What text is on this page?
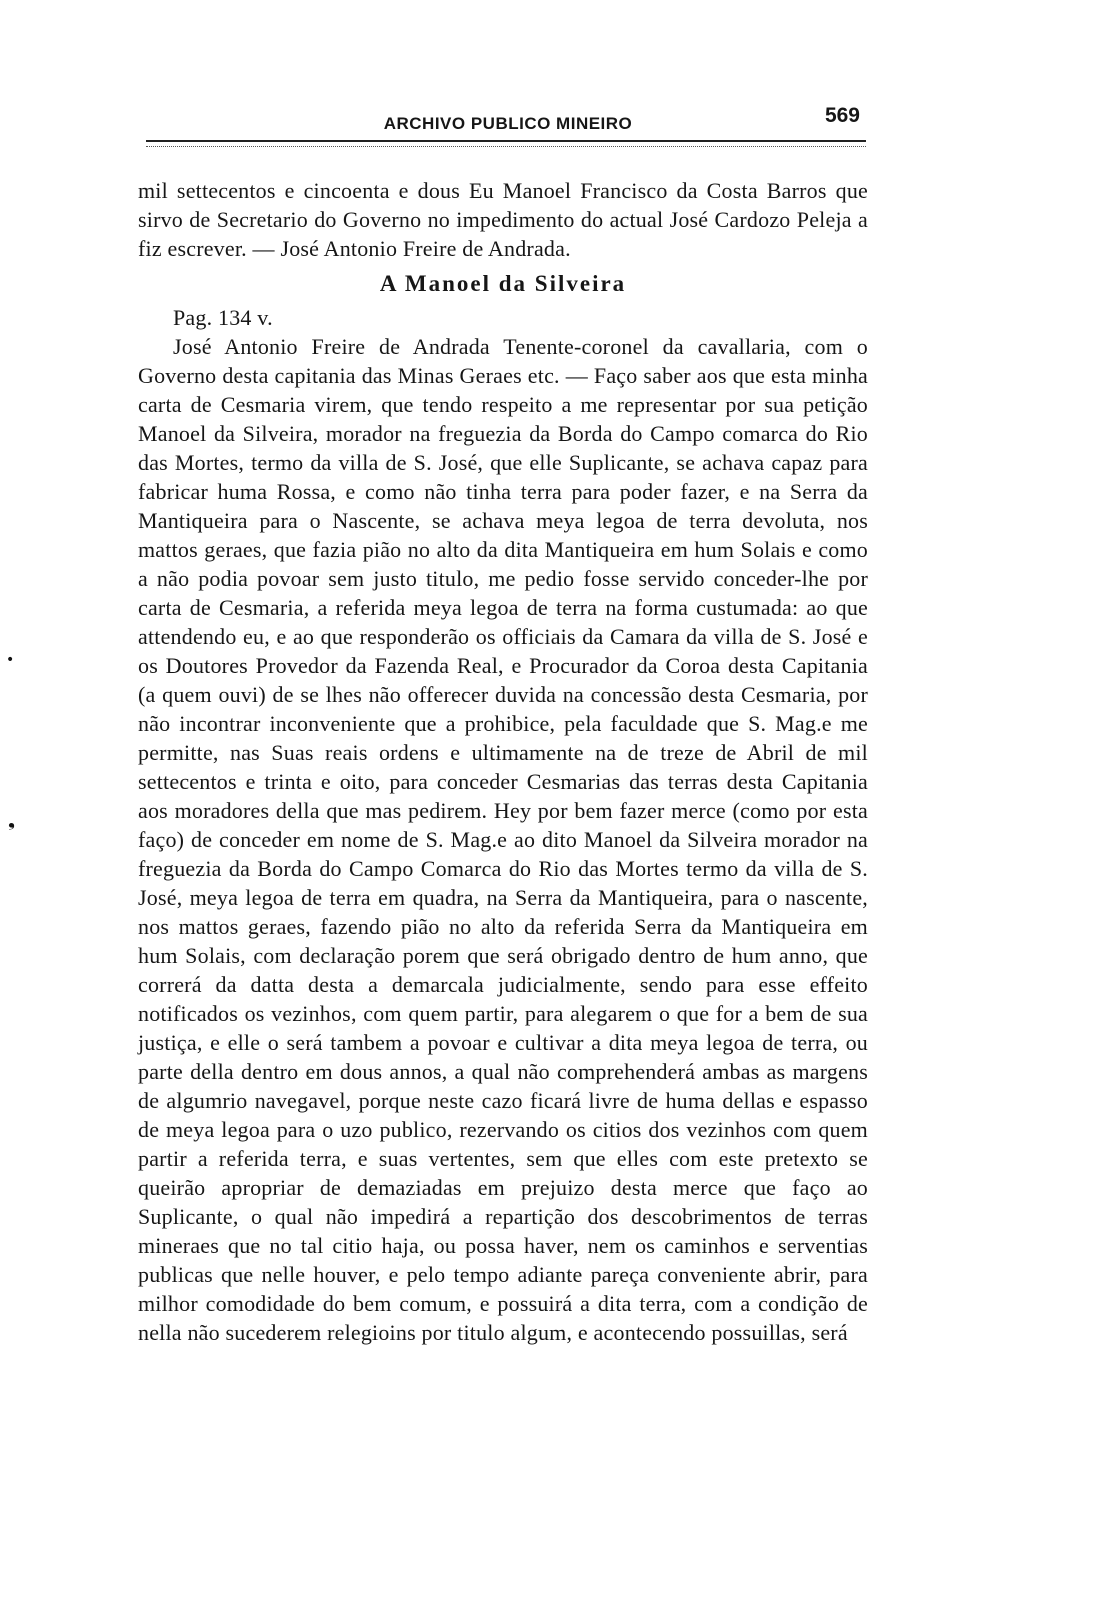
ARCHIVO PUBLICO MINEIRO	569

mil settecentos e cincoenta e dous Eu Manoel Francisco da Costa Barros que sirvo de Secretario do Governo no impedimento do actual José Cardozo Peleja a fiz escrever. — José Antonio Freire de Andrada.

A Manoel da Silveira

Pag. 134 v.

José Antonio Freire de Andrada Tenente-coronel da cavallaria, com o Governo desta capitania das Minas Geraes etc. — Faço saber aos que esta minha carta de Cesmaria virem, que tendo respeito a me representar por sua petição Manoel da Silveira, morador na freguezia da Borda do Campo comarca do Rio das Mortes, termo da villa de S. José, que elle Suplicante, se achava capaz para fabricar huma Rossa, e como não tinha terra para poder fazer, e na Serra da Mantiqueira para o Nascente, se achava meya legoa de terra devoluta, nos mattos geraes, que fazia pião no alto da dita Mantiqueira em hum Solais e como a não podia povoar sem justo titulo, me pedio fosse servido conceder-lhe por carta de Cesmaria, a referida meya legoa de terra na forma custumada: ao que attendendo eu, e ao que responderão os officiais da Camara da villa de S. José e os Doutores Provedor da Fazenda Real, e Procurador da Coroa desta Capitania (a quem ouvi) de se lhes não offerecer duvida na concessão desta Cesmaria, por não incontrar inconveniente que a prohibice, pela faculdade que S. Mag.e me permitte, nas Suas reais ordens e ultimamente na de treze de Abril de mil settecentos e trinta e oito, para conceder Cesmarias das terras desta Capitania aos moradores della que mas pedirem. Hey por bem fazer merce (como por esta faço) de conceder em nome de S. Mag.e ao dito Manoel da Silveira morador na freguezia da Borda do Campo Comarca do Rio das Mortes termo da villa de S. José, meya legoa de terra em quadra, na Serra da Mantiqueira, para o nascente, nos mattos geraes, fazendo pião no alto da referida Serra da Mantiqueira em hum Solais, com declaração porem que será obrigado dentro de hum anno, que correrá da datta desta a demarcala judicialmente, sendo para esse effeito notificados os vezinhos, com quem partir, para alegarem o que for a bem de sua justiça, e elle o será tambem a povoar e cultivar a dita meya legoa de terra, ou parte della dentro em dous annos, a qual não comprehenderá ambas as margens de algumrio navegavel, porque neste cazo ficará livre de huma dellas e espasso de meya legoa para o uzo publico, rezervando os citios dos vezinhos com quem partir a referida terra, e suas vertentes, sem que elles com este pretexto se queirão apropriar de demaziadas em prejuizo desta merce que faço ao Suplicante, o qual não impedirá a repartição dos descobrimentos de terras mineraes que no tal citio haja, ou possa haver, nem os caminhos e serventias publicas que nelle houver, e pelo tempo adiante pareça conveniente abrir, para milhor comodidade do bem comum, e possuirá a dita terra, com a condição de nella não sucederem relegioins por titulo algum, e acontecendo possuillas, será

•
❟
